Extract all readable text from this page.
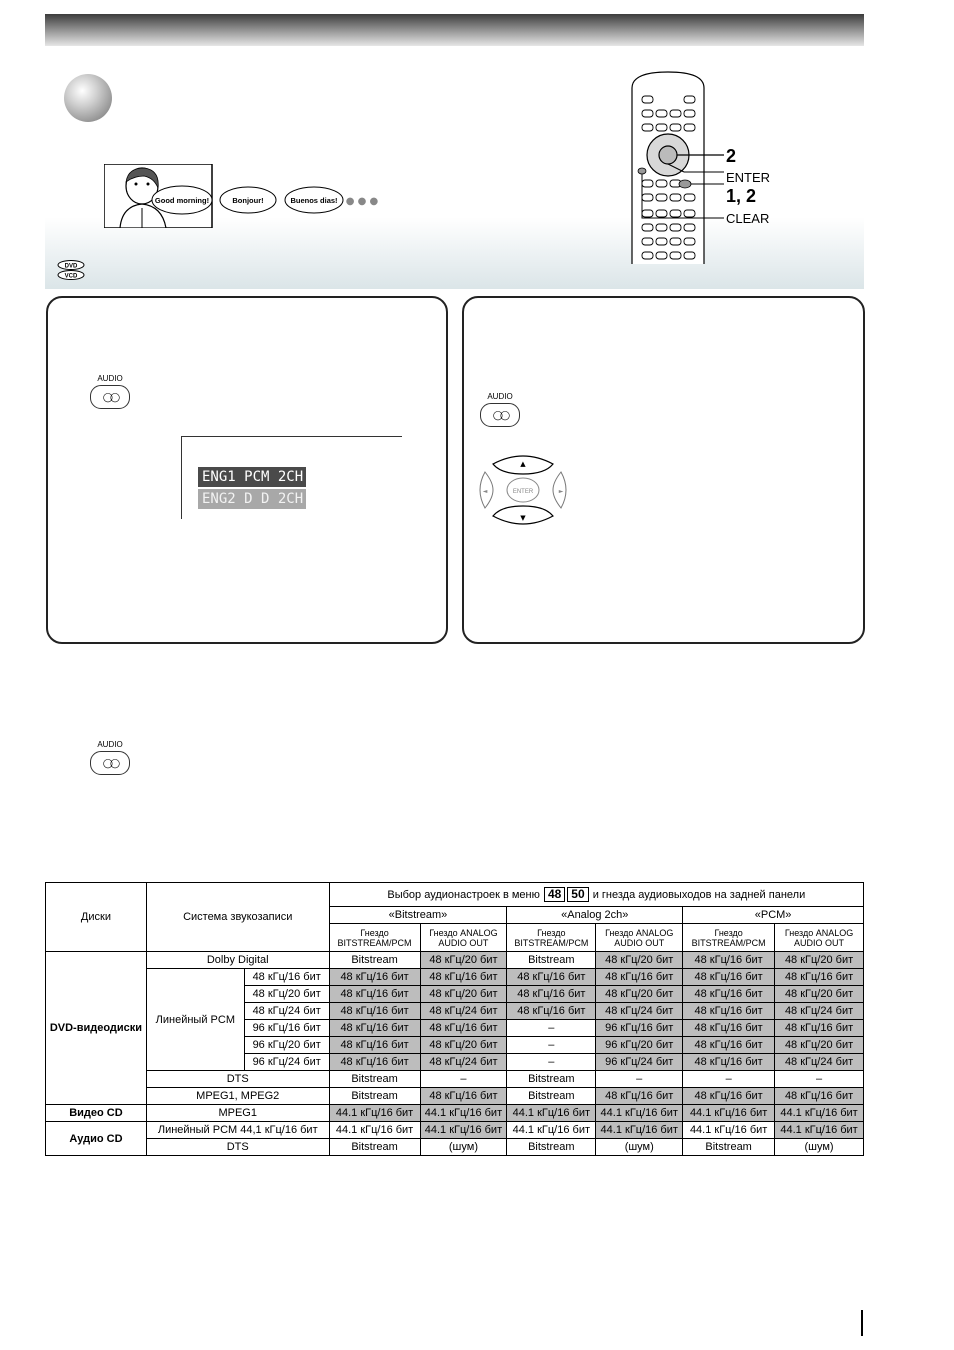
Good morning!	Bonjour!	Buenos dias! ● ● ●
DVD
VCD
2
ENTER
1, 2
CLEAR
AUDIO
◯◯
ENG1 PCM 2CH
ENG2 D D 2CH
AUDIO
◯◯
ENTER
▲
▼
◄	►
AUDIO
◯◯
Диски	Система звукозаписи		Выбор аудионастроек в меню 48 50 и гнезда аудиовыходов на задней панели					
			«Bitstream»		«Analog 2ch»		«PCM»	
			Гнездо BITSTREAM/PCM	Гнездо ANALOG AUDIO OUT	Гнездо BITSTREAM/PCM	Гнездо ANALOG AUDIO OUT	Гнездо BITSTREAM/PCM	Гнездо ANALOG AUDIO OUT
DVD-видеодиски	Dolby Digital		Bitstream	48 кГц/20 бит	Bitstream	48 кГц/20 бит	48 кГц/16 бит	48 кГц/20 бит
	Линейный PCM	48 кГц/16 бит	48 кГц/16 бит	48 кГц/16 бит	48 кГц/16 бит	48 кГц/16 бит	48 кГц/16 бит	48 кГц/16 бит
		48 кГц/20 бит	48 кГц/16 бит	48 кГц/20 бит	48 кГц/16 бит	48 кГц/20 бит	48 кГц/16 бит	48 кГц/20 бит
		48 кГц/24 бит	48 кГц/16 бит	48 кГц/24 бит	48 кГц/16 бит	48 кГц/24 бит	48 кГц/16 бит	48 кГц/24 бит
		96 кГц/16 бит	48 кГц/16 бит	48 кГц/16 бит	–	96 кГц/16 бит	48 кГц/16 бит	48 кГц/16 бит
		96 кГц/20 бит	48 кГц/16 бит	48 кГц/20 бит	–	96 кГц/20 бит	48 кГц/16 бит	48 кГц/20 бит
		96 кГц/24 бит	48 кГц/16 бит	48 кГц/24 бит	–	96 кГц/24 бит	48 кГц/16 бит	48 кГц/24 бит
	DTS		Bitstream	–	Bitstream	–	–	–
	MPEG1, MPEG2		Bitstream	48 кГц/16 бит	Bitstream	48 кГц/16 бит	48 кГц/16 бит	48 кГц/16 бит
Видео CD	MPEG1		44.1 кГц/16 бит	44.1 кГц/16 бит	44.1 кГц/16 бит	44.1 кГц/16 бит	44.1 кГц/16 бит	44.1 кГц/16 бит
Аудио CD	Линейный PCM 44,1 кГц/16 бит		44.1 кГц/16 бит	44.1 кГц/16 бит	44.1 кГц/16 бит	44.1 кГц/16 бит	44.1 кГц/16 бит	44.1 кГц/16 бит
	DTS		Bitstream	(шум)	Bitstream	(шум)	Bitstream	(шум)
